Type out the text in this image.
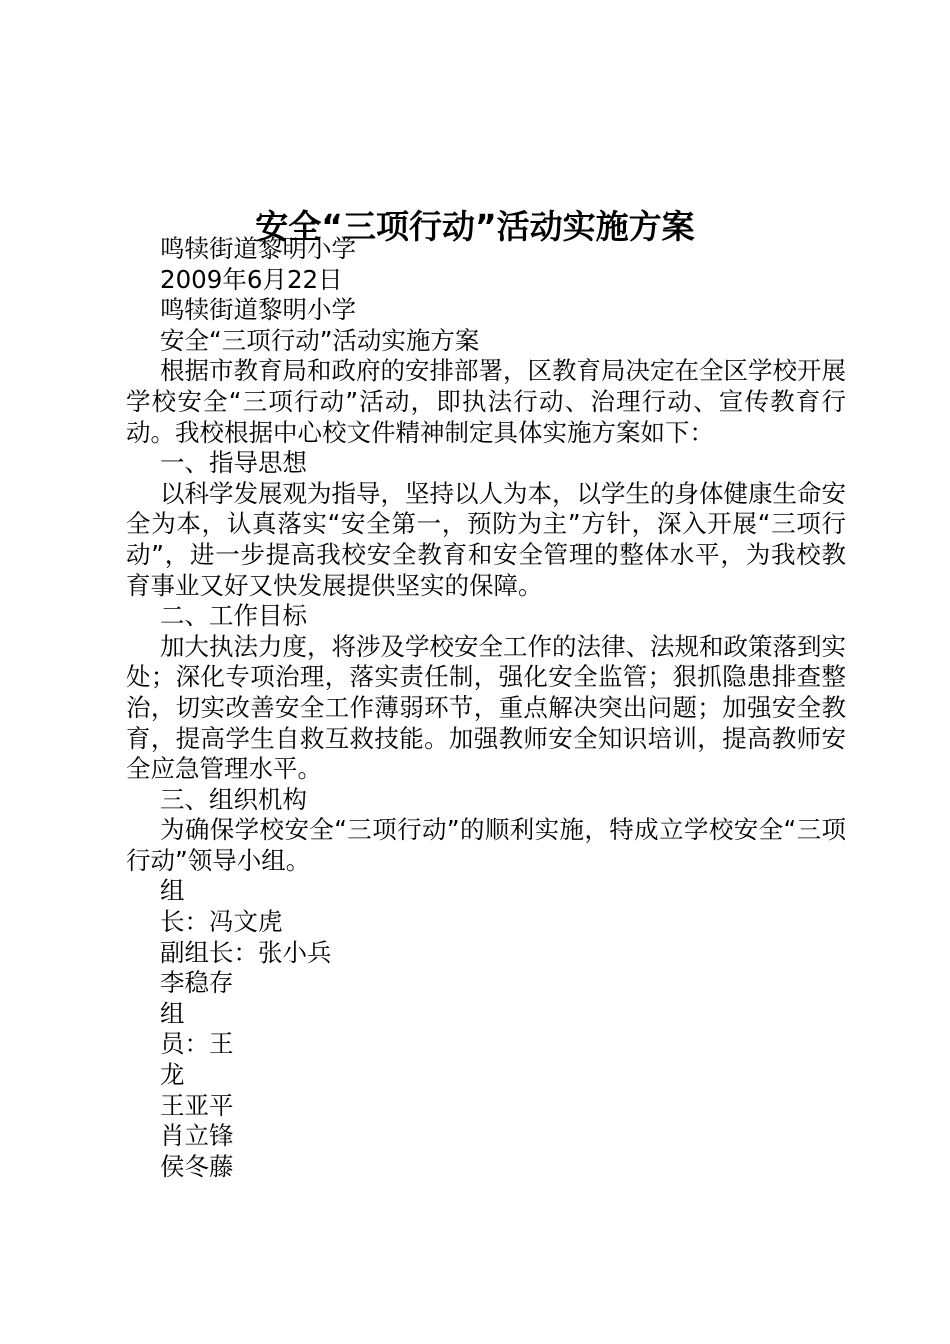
安全“三项行动”活动实施方案

鸣犊街道黎明小学

2009年6月22日

鸣犊街道黎明小学

安全“三项行动”活动实施方案

根据市教育局和政府的安排部署，区教育局决定在全区学校开展学校安全“三项行动”活动，即执法行动、治理行动、宣传教育行动。我校根据中心校文件精神制定具体实施方案如下：

一、指导思想

以科学发展观为指导，坚持以人为本，以学生的身体健康生命安全为本，认真落实“安全第一，预防为主”方针，深入开展“三项行动”，进一步提高我校安全教育和安全管理的整体水平，为我校教育事业又好又快发展提供坚实的保障。

二、工作目标

加大执法力度，将涉及学校安全工作的法律、法规和政策落到实处；深化专项治理，落实责任制，强化安全监管；狠抓隐患排查整治，切实改善安全工作薄弱环节，重点解决突出问题；加强安全教育，提高学生自救互救技能。加强教师安全知识培训，提高教师安全应急管理水平。

三、组织机构

为确保学校安全“三项行动”的顺利实施，特成立学校安全“三项行动”领导小组。

组

长：冯文虎

副组长：张小兵

李稳存

组

员：王

龙

王亚平

肖立锋

侯冬藤
